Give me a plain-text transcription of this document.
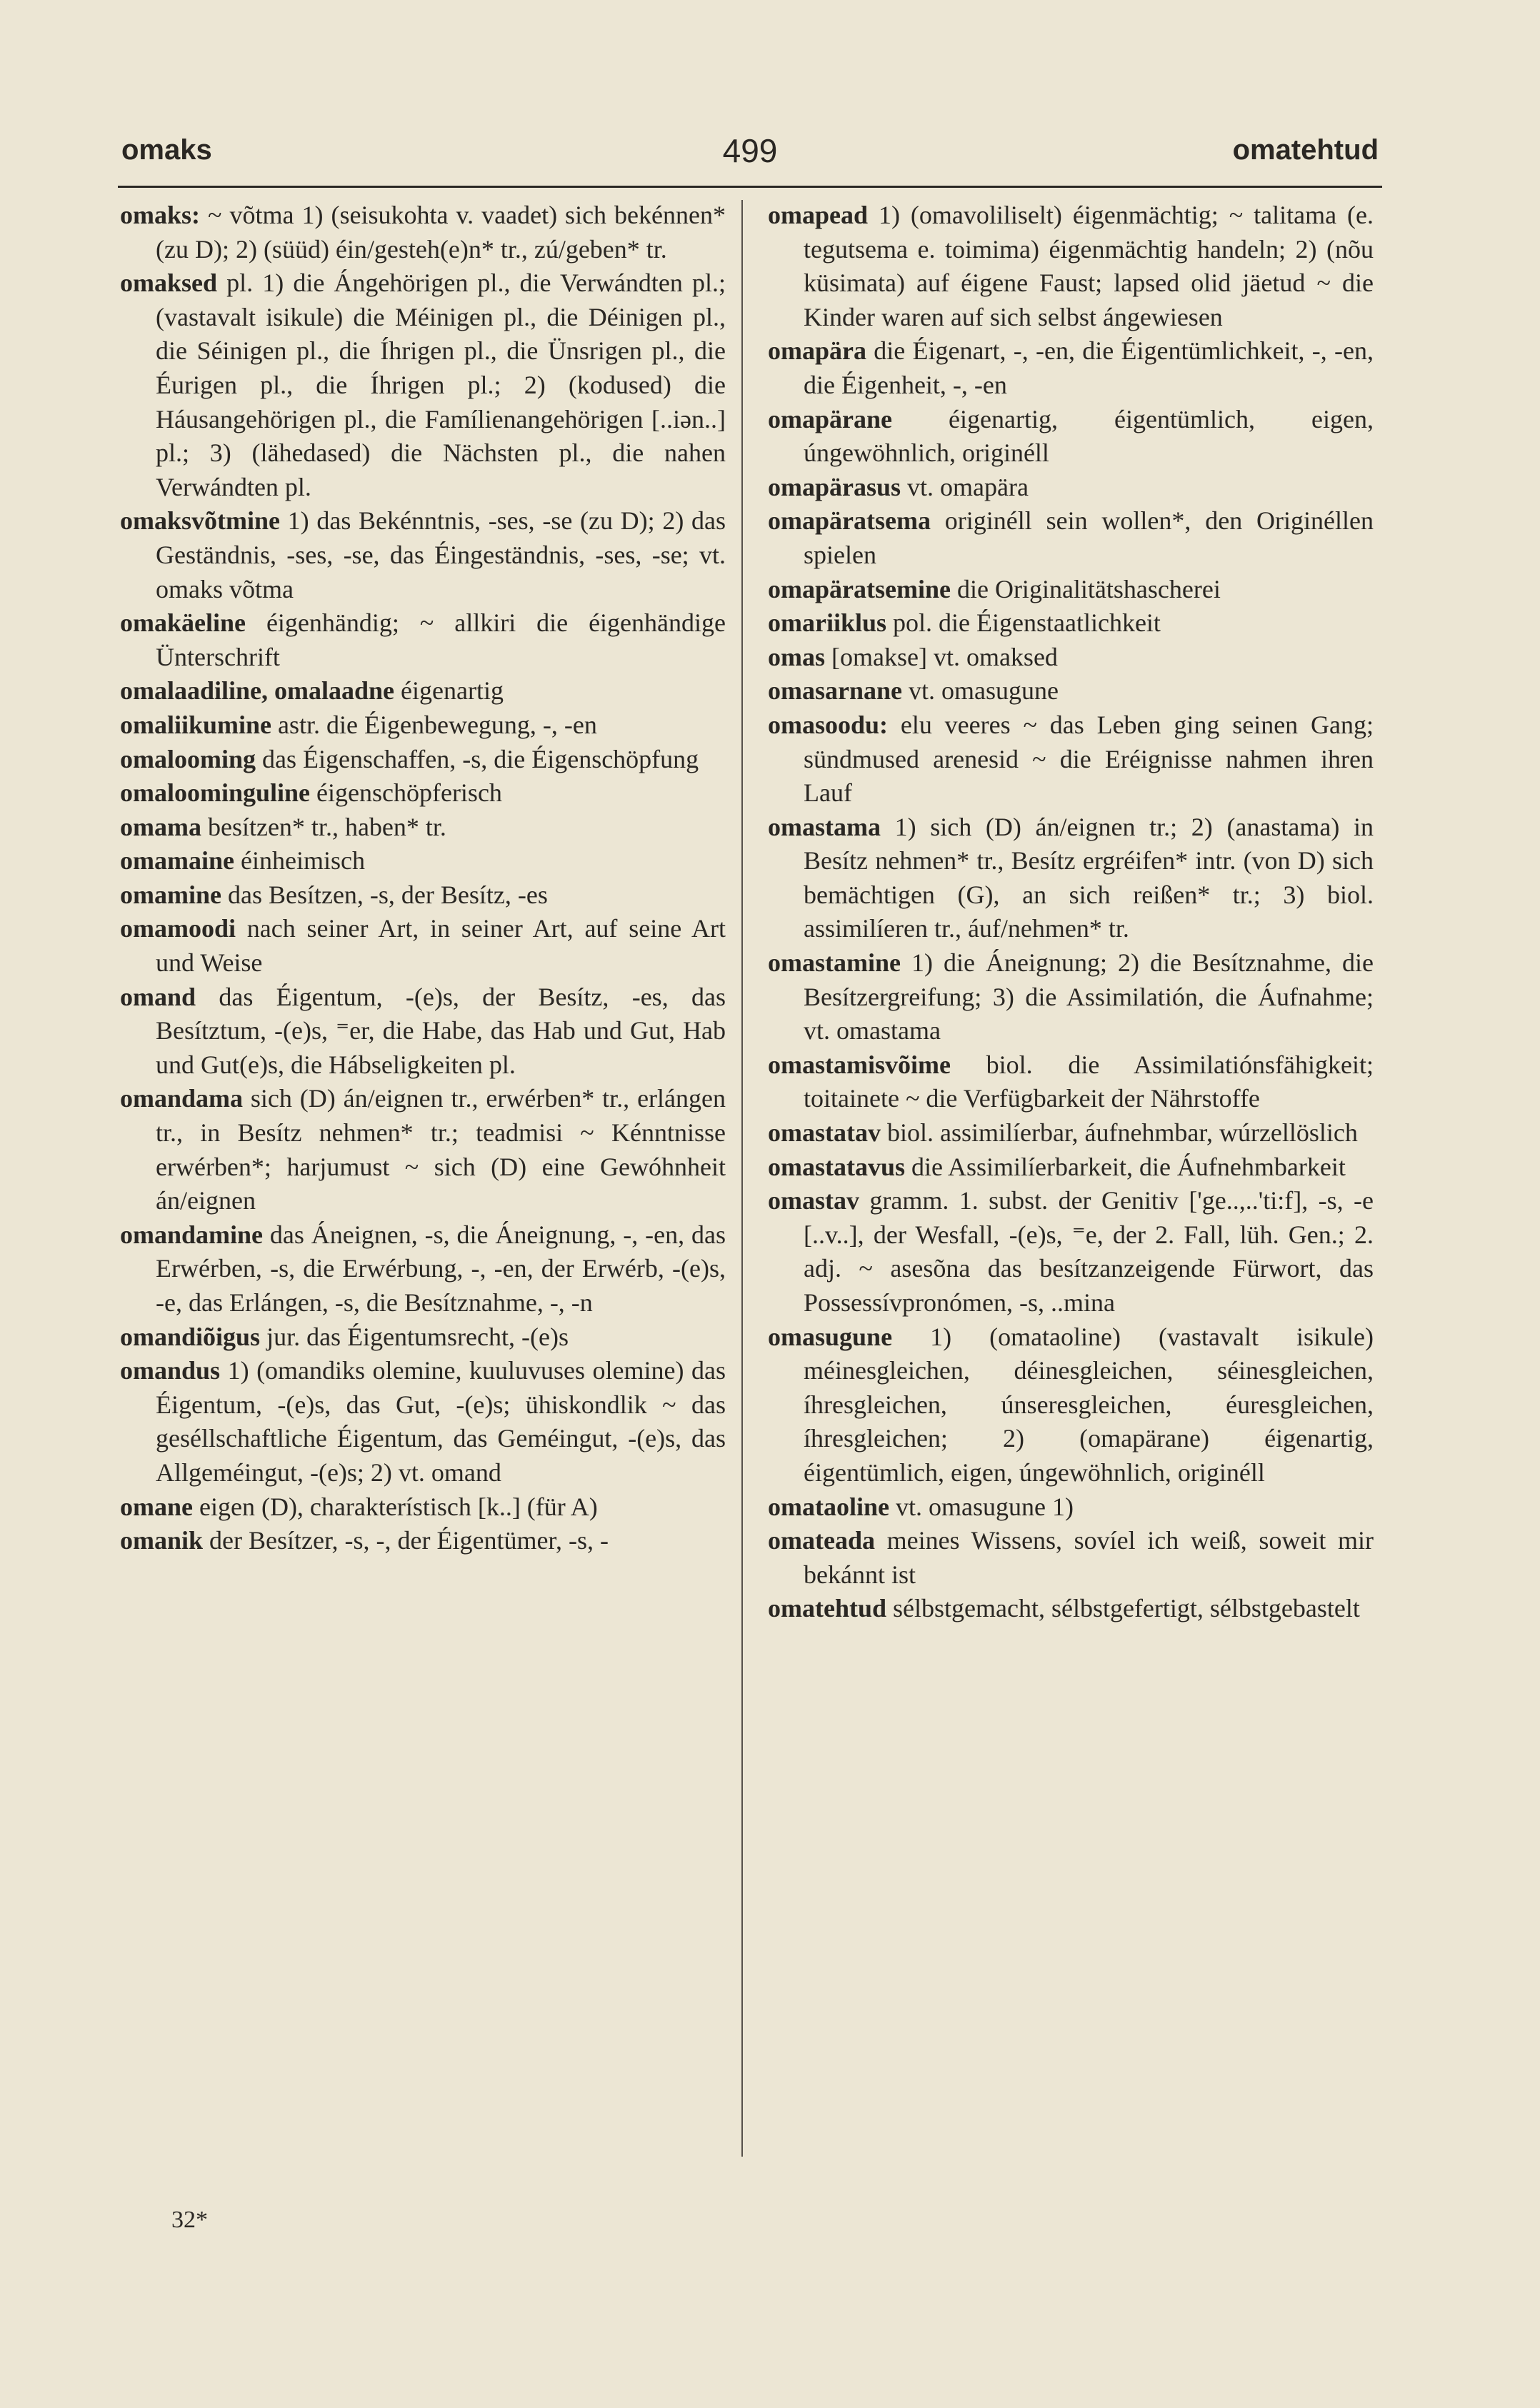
omaks	499	omatehtud
omaks: ~ võtma 1) (seisukohta v. vaadet) sich bekénnen* (zu D); 2) (süüd) éin/gesteh(e)n* tr., zú/geben* tr.
omaksed pl. 1) die Ángehörigen pl., die Verwándten pl.; (vastavalt isikule) die Méinigen pl., die Déinigen pl., die Séinigen pl., die Íhrigen pl., die Ünsrigen pl., die Éurigen pl., die Íhrigen pl.; 2) (kodused) die Háusangehörigen pl., die Famílienangehörigen [..iən..] pl.; 3) (lähedased) die Nächsten pl., die nahen Verwándten pl.
omaksvõtmine 1) das Bekénntnis, -ses, -se (zu D); 2) das Geständnis, -ses, -se, das Éingeständnis, -ses, -se; vt. omaks võtma
omakäeline éigenhändig; ~ allkiri die éigenhändige Ünterschrift
omalaadiline, omalaadne éigenartig
omaliikumine astr. die Éigenbewegung, -, -en
omalooming das Éigenschaffen, -s, die Éigenschöpfung
omaloominguline éigenschöpferisch
omama besítzen* tr., haben* tr.
omamaine éinheimisch
omamine das Besítzen, -s, der Besítz, -es
omamoodi nach seiner Art, in seiner Art, auf seine Art und Weise
omand das Éigentum, -(e)s, der Besítz, -es, das Besítztum, -(e)s, ⁼er, die Habe, das Hab und Gut, Hab und Gut(e)s, die Hábseligkeiten pl.
omandama sich (D) án/eignen tr., erwérben* tr., erlángen tr., in Besítz nehmen* tr.; teadmisi ~ Kénntnisse erwérben*; harjumust ~ sich (D) eine Gewóhnheit án/eignen
omandamine das Áneignen, -s, die Áneignung, -, -en, das Erwérben, -s, die Erwérbung, -, -en, der Erwérb, -(e)s, -e, das Erlángen, -s, die Besítznahme, -, -n
omandiõigus jur. das Éigentumsrecht, -(e)s
omandus 1) (omandiks olemine, kuuluvuses olemine) das Éigentum, -(e)s, das Gut, -(e)s; ühiskondlik ~ das geséllschaftliche Éigentum, das Geméingut, -(e)s, das Allgeméingut, -(e)s; 2) vt. omand
omane eigen (D), charakterístisch [k..] (für A)
omanik der Besítzer, -s, -, der Éigentümer, -s, -
omapead 1) (omavoliliselt) éigenmächtig; ~ talitama (e. tegutsema e. toimima) éigenmächtig handeln; 2) (nõu küsimata) auf éigene Faust; lapsed olid jäetud ~ die Kinder waren auf sich selbst ángewiesen
omapära die Éigenart, -, -en, die Éigentümlichkeit, -, -en, die Éigenheit, -, -en
omapärane éigenartig, éigentümlich, eigen, úngewöhnlich, originéll
omapärasus vt. omapära
omapäratsema originéll sein wollen*, den Originéllen spielen
omapäratsemine die Originalitätshascherei
omariiklus pol. die Éigenstaatlichkeit
omas [omakse] vt. omaksed
omasarnane vt. omasugune
omasoodu: elu veeres ~ das Leben ging seinen Gang; sündmused arenesid ~ die Eréignisse nahmen ihren Lauf
omastama 1) sich (D) án/eignen tr.; 2) (anastama) in Besítz nehmen* tr., Besítz ergréifen* intr. (von D) sich bemächtigen (G), an sich reißen* tr.; 3) biol. assimilíeren tr., áuf/nehmen* tr.
omastamine 1) die Áneignung; 2) die Besítznahme, die Besítzergreifung; 3) die Assimilatión, die Áufnahme; vt. omastama
omastamisvõime biol. die Assimilatiónsfähigkeit; toitainete ~ die Verfügbarkeit der Nährstoffe
omastatav biol. assimilíerbar, áufnehmbar, wúrzellöslich
omastatavus die Assimilíerbarkeit, die Áufnehmbarkeit
omastav gramm. 1. subst. der Genitiv ['ge..,..'ti:f], -s, -e [..v..], der Wesfall, -(e)s, ⁼e, der 2. Fall, lüh. Gen.; 2. adj. ~ asesõna das besítzanzeigende Fürwort, das Possessívpronómen, -s, ..mina
omasugune 1) (omataoline) (vastavalt isikule) méinesgleichen, déinesgleichen, séinesgleichen, íhresgleichen, únseresgleichen, éuresgleichen, íhresgleichen; 2) (omapärane) éigenartig, éigentümlich, eigen, úngewöhnlich, originéll
omataoline vt. omasugune 1)
omateada meines Wissens, sovíel ich weiß, soweit mir bekánnt ist
omatehtud sélbstgemacht, sélbstgefertigt, sélbstgebastelt
32*
